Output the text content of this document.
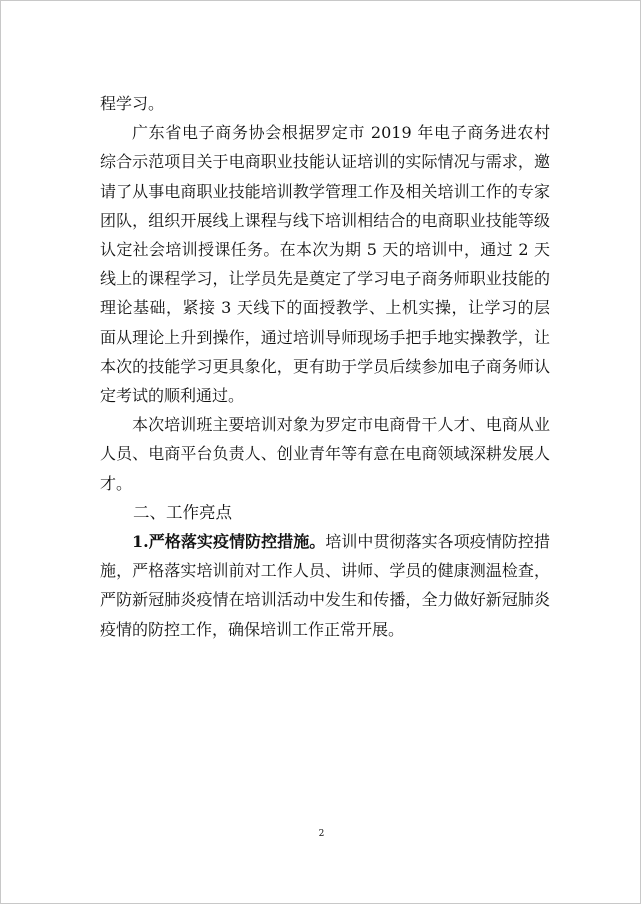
程学习。

广东省电子商务协会根据罗定市 2019 年电子商务进农村综合示范项目关于电商职业技能认证培训的实际情况与需求，邀请了从事电商职业技能培训教学管理工作及相关培训工作的专家团队，组织开展线上课程与线下培训相结合的电商职业技能等级认定社会培训授课任务。在本次为期 5 天的培训中，通过 2 天线上的课程学习，让学员先是奠定了学习电子商务师职业技能的理论基础，紧接 3 天线下的面授教学、上机实操，让学习的层面从理论上升到操作，通过培训导师现场手把手地实操教学，让本次的技能学习更具象化，更有助于学员后续参加电子商务师认定考试的顺利通过。

本次培训班主要培训对象为罗定市电商骨干人才、电商从业人员、电商平台负责人、创业青年等有意在电商领域深耕发展人才。

二、工作亮点

1.严格落实疫情防控措施。培训中贯彻落实各项疫情防控措施，严格落实培训前对工作人员、讲师、学员的健康测温检查，严防新冠肺炎疫情在培训活动中发生和传播，全力做好新冠肺炎疫情的防控工作，确保培训工作正常开展。

2
